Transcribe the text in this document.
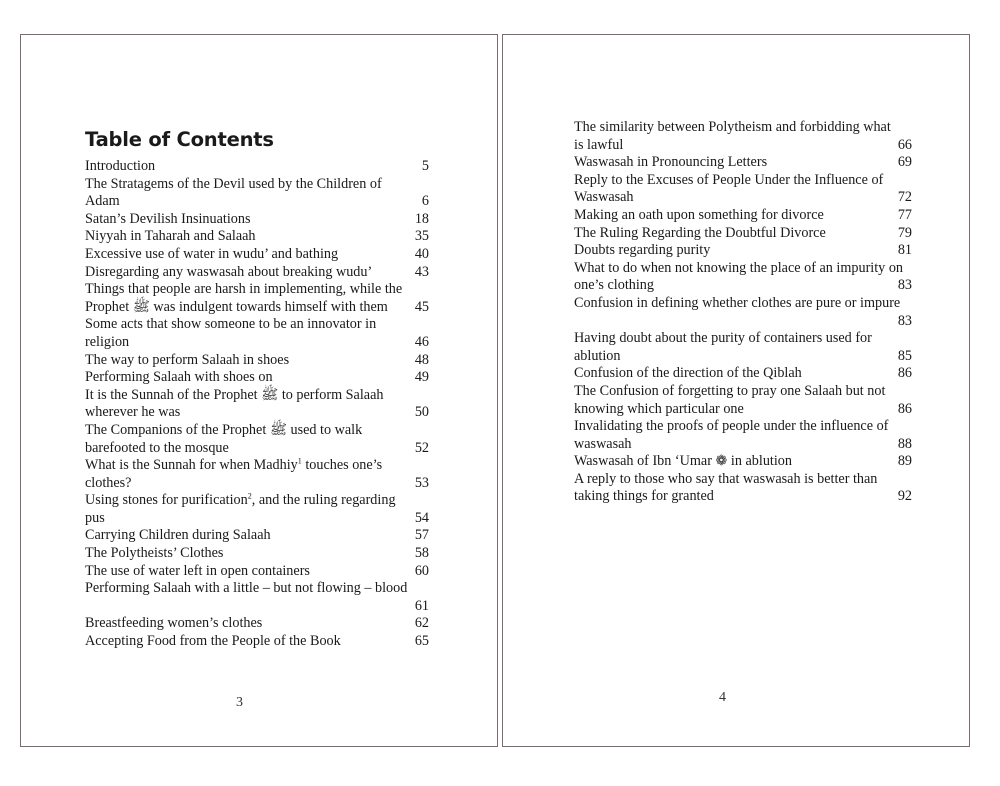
Table of Contents
Introduction	5
The Stratagems of the Devil used by the Children of
Adam	6
Satan’s Devilish Insinuations	18
Niyyah in Taharah and Salaah	35
Excessive use of water in wudu’ and bathing	40
Disregarding any waswasah about breaking wudu’	43
Things that people are harsh in implementing, while the
Prophet ﷺ was indulgent towards himself with them	45
Some acts that show someone to be an innovator in
religion	46
The way to perform Salaah in shoes	48
Performing Salaah with shoes on	49
It is the Sunnah of the Prophet ﷺ to perform Salaah
wherever he was	50
The Companions of the Prophet ﷺ used to walk
barefooted to the mosque	52
What is the Sunnah for when Madhiy$^1$ touches one’s
clothes?	53
Using stones for purification$^2$, and the ruling regarding
pus	54
Carrying Children during Salaah	57
The Polytheists’ Clothes	58
The use of water left in open containers	60
Performing Salaah with a little – but not flowing – blood
61
Breastfeeding women’s clothes	62
Accepting Food from the People of the Book	65
3
The similarity between Polytheism and forbidding what
is lawful	66
Waswasah in Pronouncing Letters	69
Reply to the Excuses of People Under the Influence of
Waswasah	72
Making an oath upon something for divorce	77
The Ruling Regarding the Doubtful Divorce	79
Doubts regarding purity	81
What to do when not knowing the place of an impurity on
one’s clothing	83
Confusion in defining whether clothes are pure or impure
83
Having doubt about the purity of containers used for
ablution	85
Confusion of the direction of the Qiblah	86
The Confusion of forgetting to pray one Salaah but not
knowing which particular one	86
Invalidating the proofs of people under the influence of
waswasah	88
Waswasah of Ibn ‘Umar ❁ in ablution	89
A reply to those who say that waswasah is better than
taking things for granted	92
4
